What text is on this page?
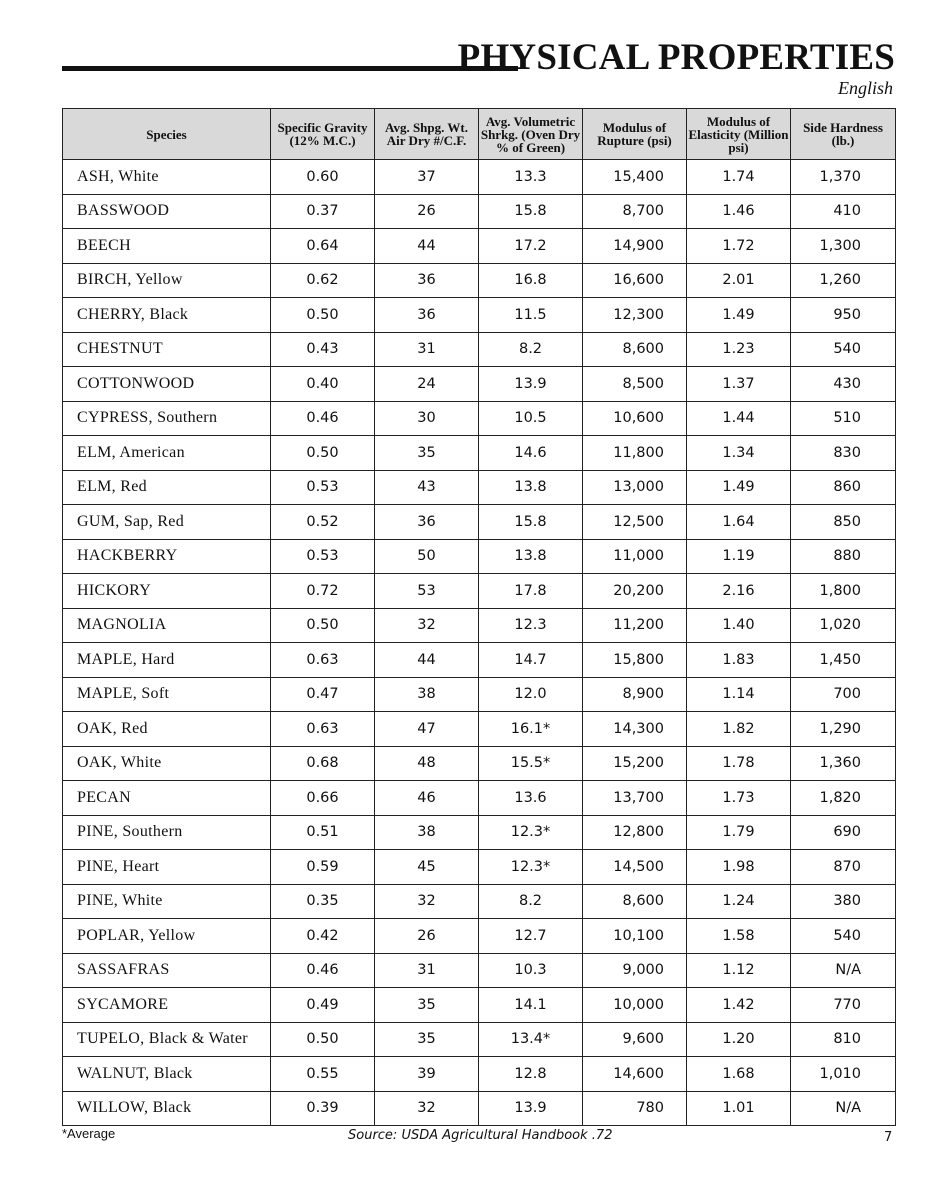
PHYSICAL PROPERTIES
English
Species	Specific Gravity (12% M.C.)	Avg. Shpg. Wt. Air Dry #/C.F.	Avg. Volumetric Shrkg. (Oven Dry % of Green)	Modulus of Rupture (psi)	Modulus of Elasticity (Million psi)	Side Hardness (lb.)
ASH, White	0.60	37	13.3	15,400	1.74	1,370
BASSWOOD	0.37	26	15.8	8,700	1.46	410
BEECH	0.64	44	17.2	14,900	1.72	1,300
BIRCH, Yellow	0.62	36	16.8	16,600	2.01	1,260
CHERRY, Black	0.50	36	11.5	12,300	1.49	950
CHESTNUT	0.43	31	8.2	8,600	1.23	540
COTTONWOOD	0.40	24	13.9	8,500	1.37	430
CYPRESS, Southern	0.46	30	10.5	10,600	1.44	510
ELM, American	0.50	35	14.6	11,800	1.34	830
ELM, Red	0.53	43	13.8	13,000	1.49	860
GUM, Sap, Red	0.52	36	15.8	12,500	1.64	850
HACKBERRY	0.53	50	13.8	11,000	1.19	880
HICKORY	0.72	53	17.8	20,200	2.16	1,800
MAGNOLIA	0.50	32	12.3	11,200	1.40	1,020
MAPLE, Hard	0.63	44	14.7	15,800	1.83	1,450
MAPLE, Soft	0.47	38	12.0	8,900	1.14	700
OAK, Red	0.63	47	16.1*	14,300	1.82	1,290
OAK, White	0.68	48	15.5*	15,200	1.78	1,360
PECAN	0.66	46	13.6	13,700	1.73	1,820
PINE, Southern	0.51	38	12.3*	12,800	1.79	690
PINE, Heart	0.59	45	12.3*	14,500	1.98	870
PINE, White	0.35	32	8.2	8,600	1.24	380
POPLAR, Yellow	0.42	26	12.7	10,100	1.58	540
SASSAFRAS	0.46	31	10.3	9,000	1.12	N/A
SYCAMORE	0.49	35	14.1	10,000	1.42	770
TUPELO, Black & Water	0.50	35	13.4*	9,600	1.20	810
WALNUT, Black	0.55	39	12.8	14,600	1.68	1,010
WILLOW, Black	0.39	32	13.9	780	1.01	N/A
*Average	Source: USDA Agricultural Handbook .72	7
